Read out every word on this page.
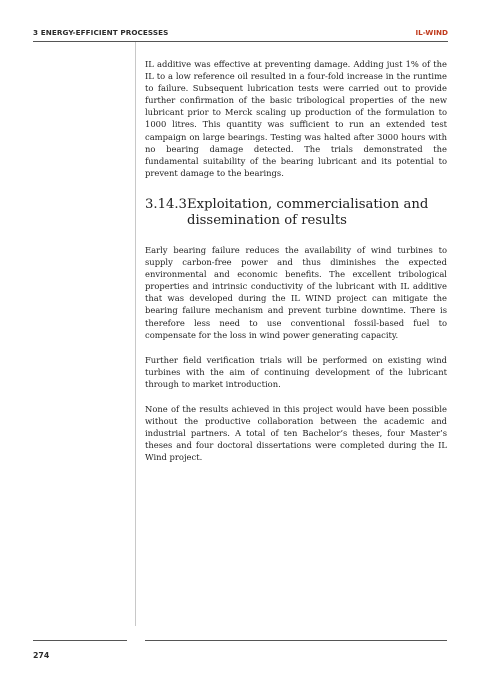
3 ENERGY-EFFICIENT PROCESSES	IL-WIND

IL additive was effective at preventing damage. Adding just 1% of the IL to a low reference oil resulted in a four-fold increase in the runtime to failure. Subsequent lubrication tests were carried out to provide further confirmation of the basic tribological properties of the new lubricant prior to Merck scaling up production of the formulation to 1000 litres. This quantity was sufficient to run an extended test campaign on large bearings. Testing was halted after 3000 hours with no bearing damage detected. The trials demonstrated the fundamental suitability of the bearing lubricant and its potential to prevent damage to the bearings.

3.14.3 Exploitation, commercialisation and dissemination of results

Early bearing failure reduces the availability of wind turbines to supply carbon-free power and thus diminishes the expected environmental and economic benefits. The excellent tribological properties and intrinsic conductivity of the lubricant with IL additive that was developed during the IL WIND project can mitigate the bearing failure mechanism and prevent turbine downtime. There is therefore less need to use conventional fossil-based fuel to compensate for the loss in wind power generating capacity.

Further field verification trials will be performed on existing wind turbines with the aim of continuing development of the lubricant through to market introduction.

None of the results achieved in this project would have been possible without the productive collaboration between the academic and industrial partners. A total of ten Bachelor’s theses, four Master’s theses and four doctoral dissertations were completed during the IL Wind project.

274
